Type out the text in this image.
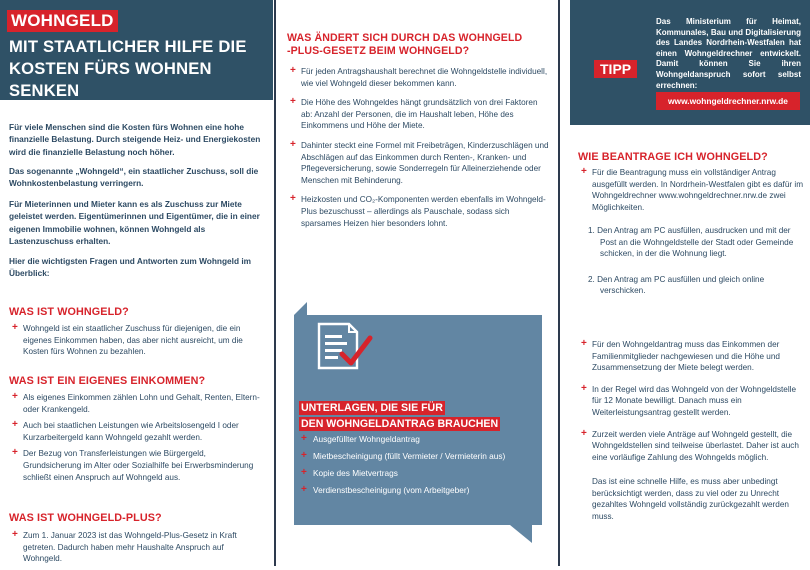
WOHNGELD
MIT STAATLICHER HILFE DIE
KOSTEN FÜRS WOHNEN SENKEN

Für viele Menschen sind die Kosten fürs Wohnen eine hohe finanzielle Belastung. Durch steigende Heiz- und Energiekosten wird die finanzielle Belastung noch höher.

Das sogenannte „Wohngeld“, ein staatlicher Zuschuss, soll die Wohnkostenbelastung verringern.

Für Mieterinnen und Mieter kann es als Zuschuss zur Miete geleistet werden. Eigentümerinnen und Eigentümer, die in einer eigenen Immobilie wohnen, können Wohngeld als Lastenzuschuss erhalten.

Hier die wichtigsten Fragen und Antworten zum Wohngeld im Überblick:

WAS IST WOHNGELD?
+ Wohngeld ist ein staatlicher Zuschuss für diejenigen, die ein eigenes Einkommen haben, das aber nicht ausreicht, um die Kosten fürs Wohnen zu bezahlen.
WAS IST EIN EIGENES EINKOMMEN?
+ Als eigenes Einkommen zählen Lohn und Gehalt, Renten, Eltern- oder Krankengeld.
+ Auch bei staatlichen Leistungen wie Arbeitslosengeld I oder Kurzarbeitergeld kann Wohngeld gezahlt werden.
+ Der Bezug von Transferleistungen wie Bürgergeld, Grundsicherung im Alter oder Sozialhilfe bei Erwerbsminderung schließt einen Anspruch auf Wohngeld aus.
WAS IST WOHNGELD-PLUS?
+ Zum 1. Januar 2023 ist das Wohngeld-Plus-Gesetz in Kraft getreten. Dadurch haben mehr Haushalte Anspruch auf Wohngeld.
WAS ÄNDERT SICH DURCH DAS WOHNGELD
-PLUS-GESETZ BEIM WOHNGELD?
+ Für jeden Antragshaushalt berechnet die Wohngeldstelle individuell, wie viel Wohngeld dieser bekommen kann.
+ Die Höhe des Wohngeldes hängt grundsätzlich von drei Faktoren ab: Anzahl der Personen, die im Haushalt leben, Höhe des Einkommens und Höhe der Miete.
+ Dahinter steckt eine Formel mit Freibeträgen, Kinderzuschlägen und Abschlägen auf das Einkommen durch Renten-, Kranken- und Pflegeversicherung, sowie Sonderregeln für Alleinerziehende oder Menschen mit Behinderung.
+ Heizkosten und CO₂-Komponenten werden ebenfalls im Wohngeld-Plus bezuschusst – allerdings als Pauschale, sodass sich sparsames Heizen hier besonders lohnt.
UNTERLAGEN, DIE SIE FÜR
DEN WOHNGELDANTRAG BRAUCHEN
+ Ausgefüllter Wohngeldantrag
+ Mietbescheinigung (füllt Vermieter / Vermieterin aus)
+ Kopie des Mietvertrags
+ Verdienstbescheinigung (vom Arbeitgeber)
TIPP
Das Ministerium für Heimat, Kommunales, Bau und Digitalisierung des Landes Nordrhein-Westfalen hat einen Wohngeldrechner entwickelt. Damit können Sie ihren Wohngeldanspruch sofort selbst errechnen:
www.wohngeldrechner.nrw.de
WIE BEANTRAGE ICH WOHNGELD?
+ Für die Beantragung muss ein vollständiger Antrag ausgefüllt werden. In Nordrhein-Westfalen gibt es dafür im Wohngeldrechner www.wohngeldrechner.nrw.de zwei Möglichkeiten.
1. Den Antrag am PC ausfüllen, ausdrucken und mit der Post an die Wohngeldstelle der Stadt oder Gemeinde schicken, in der die Wohnung liegt.
2. Den Antrag am PC ausfüllen und gleich online verschicken.
+ Für den Wohngeldantrag muss das Einkommen der Familienmitglieder nachgewiesen und die Höhe und Zusammensetzung der Miete belegt werden.
+ In der Regel wird das Wohngeld von der Wohngeldstelle für 12 Monate bewilligt. Danach muss ein Weiterleistungsantrag gestellt werden.
+ Zurzeit werden viele Anträge auf Wohngeld gestellt, die Wohngeldstellen sind teilweise überlastet. Daher ist auch eine vorläufige Zahlung des Wohngelds möglich.

Das ist eine schnelle Hilfe, es muss aber unbedingt berücksichtigt werden, dass zu viel oder zu Unrecht gezahltes Wohngeld vollständig zurückgezahlt werden muss.
